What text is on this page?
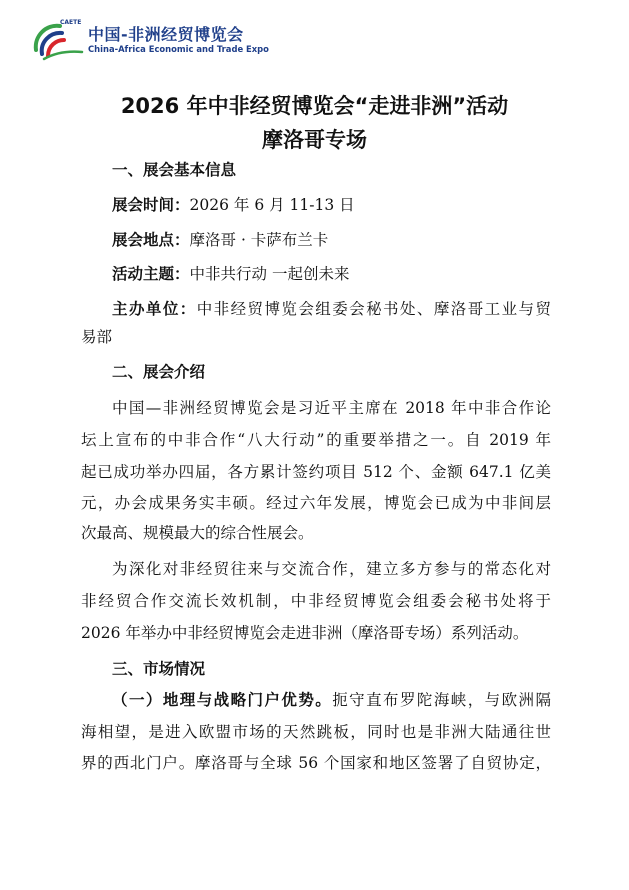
CAETE
中国-非洲经贸博览会
China-Africa Economic and Trade Expo
2026 年中非经贸博览会“走进非洲”活动
摩洛哥专场
一、展会基本信息
展会时间：2026 年 6 月 11-13 日
展会地点：摩洛哥 · 卡萨布兰卡
活动主题：中非共行动 一起创未来
主办单位：中非经贸博览会组委会秘书处、摩洛哥工业与贸
易部
二、展会介绍
中国—非洲经贸博览会是习近平主席在 2018 年中非合作论
坛上宣布的中非合作“八大行动”的重要举措之一。自 2019 年
起已成功举办四届，各方累计签约项目 512 个、金额 647.1 亿美
元，办会成果务实丰硕。经过六年发展，博览会已成为中非间层
次最高、规模最大的综合性展会。
为深化对非经贸往来与交流合作，建立多方参与的常态化对
非经贸合作交流长效机制，中非经贸博览会组委会秘书处将于
2026 年举办中非经贸博览会走进非洲（摩洛哥专场）系列活动。
三、市场情况
（一）地理与战略门户优势。扼守直布罗陀海峡，与欧洲隔
海相望，是进入欧盟市场的天然跳板，同时也是非洲大陆通往世
界的西北门户。摩洛哥与全球 56 个国家和地区签署了自贸协定，
